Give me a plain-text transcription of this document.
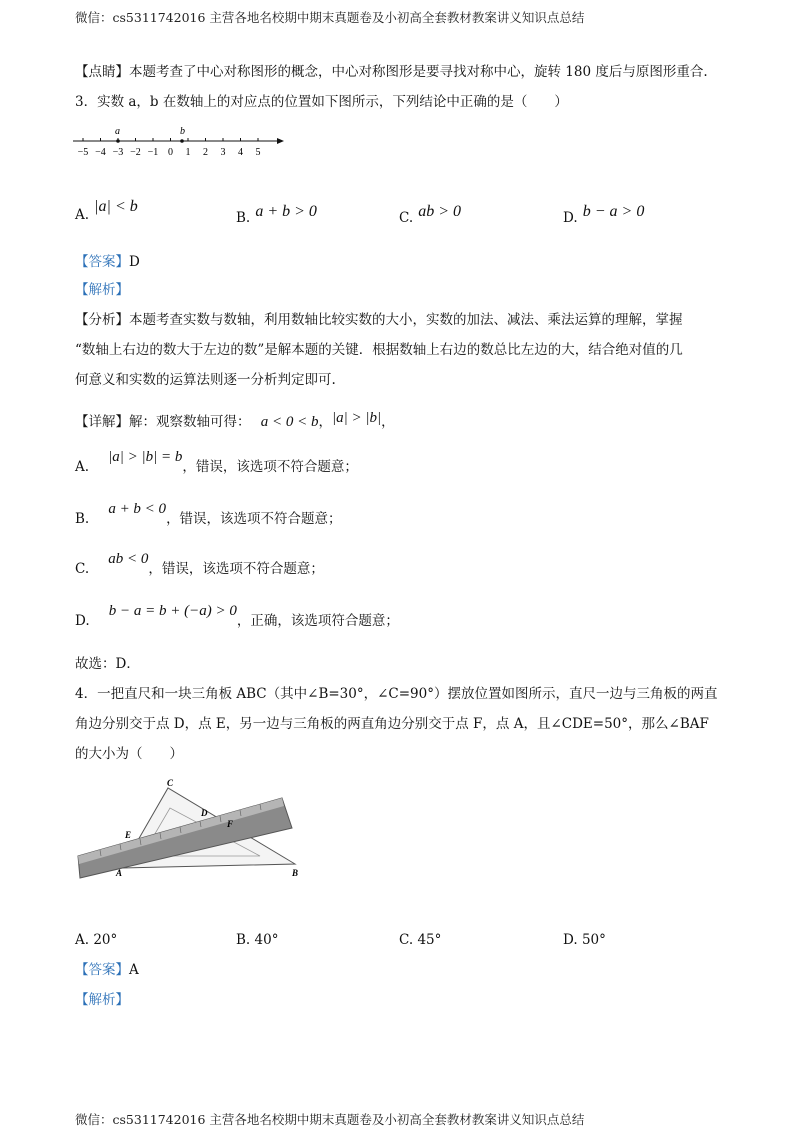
微信：cs5311742016 主营各地名校期中期末真题卷及小初高全套教材教案讲义知识点总结
【点睛】本题考查了中心对称图形的概念，中心对称图形是要寻找对称中心，旋转 180 度后与原图形重合.
3．实数 a，b 在数轴上的对应点的位置如下图所示，下列结论中正确的是（　　）
−5 −4 −3 −2 −1 0 1 2 3 4 5
a	b
A. |a| < b
B. a + b > 0	C. ab > 0	D. b − a > 0
【答案】D
【解析】
【分析】本题考查实数与数轴，利用数轴比较实数的大小，实数的加法、减法、乘法运算的理解，掌握
“数轴上右边的数大于左边的数”是解本题的关键．根据数轴上右边的数总比左边的大，结合绝对值的几
何意义和实数的运算法则逐一分析判定即可.
【详解】解：观察数轴可得： a < 0 < b，|a| > |b|，
A. |a| > |b| = b，错误，该选项不符合题意；
B. a + b < 0，错误，该选项不符合题意；
C. ab < 0，错误，该选项不符合题意；
D. b − a = b + (−a) > 0，正确，该选项符合题意；
故选：D．
4．一把直尺和一块三角板 ABC（其中∠B=30°，∠C=90°）摆放位置如图所示，直尺一边与三角板的两直
角边分别交于点 D，点 E，另一边与三角板的两直角边分别交于点 F，点 A，且∠CDE=50°，那么∠BAF
的大小为（　　）
C
D
E
F
A	B
A. 20°	B. 40°	C. 45°	D. 50°
【答案】A
【解析】
微信：cs5311742016 主营各地名校期中期末真题卷及小初高全套教材教案讲义知识点总结
